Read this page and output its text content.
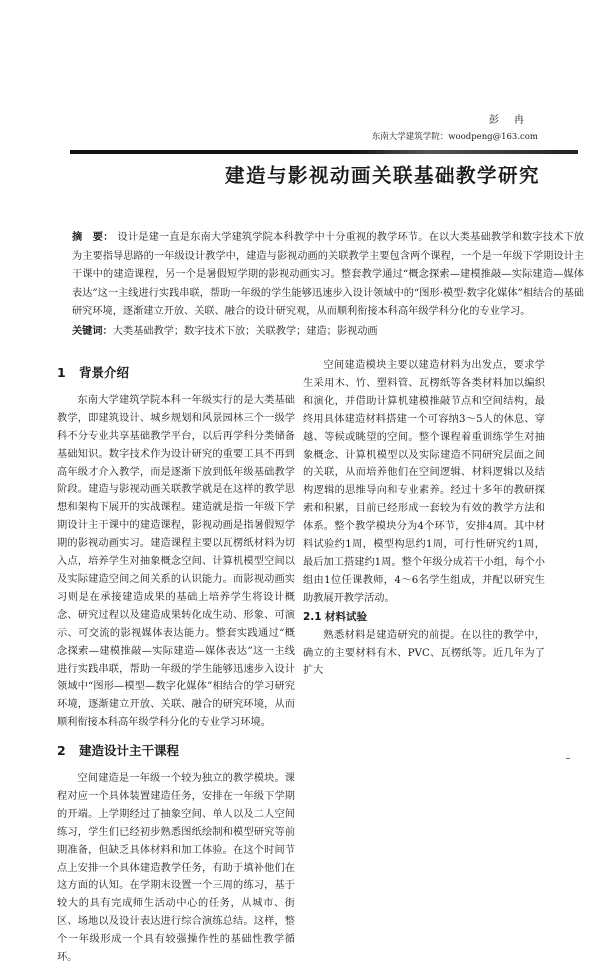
彭 冉
东南大学建筑学院：woodpeng@163.com
建造与影视动画关联基础教学研究
摘　要： 设计是建一直是东南大学建筑学院本科教学中十分重视的教学环节。在以大类基础教学和数字技术下放为主要指导思路的一年级设计教学中，建造与影视动画的关联教学主要包含两个课程，一个是一年级下学期设计主干课中的建造课程，另一个是暑假短学期的影视动画实习。整套教学通过“概念探索—建模推敲—实际建造—媒体表达”这一主线进行实践串联，帮助一年级的学生能够迅速步入设计领域中的“图形·模型·数字化媒体”相结合的基础研究环境，逐渐建立开放、关联、融合的设计研究观，从而顺利衔接本科高年级学科分化的专业学习。
关键词：大类基础教学；数字技术下放；关联教学；建造；影视动画
1 背景介绍

东南大学建筑学院本科一年级实行的是大类基础教学，即建筑设计、城乡规划和风景园林三个一级学科不分专业共享基础教学平台，以后再学科分类储备基础知识。数字技术作为设计研究的重要工具不再到高年级才介入教学，而是逐渐下放到低年级基础教学阶段。建造与影视动画关联教学就是在这样的教学思想和架构下展开的实战课程。建造就是指一年级下学期设计主干课中的建造课程，影视动画是指暑假短学期的影视动画实习。建造课程主要以瓦楞纸材料为切入点，培养学生对抽象概念空间、计算机模型空间以及实际建造空间之间关系的认识能力。而影视动画实习则是在承接建造成果的基础上培养学生将设计概念、研究过程以及建造成果转化成生动、形象、可演示、可交流的影视媒体表达能力。整套实践通过“概念探索—建模推敲—实际建造—媒体表达”这一主线进行实践串联，帮助一年级的学生能够迅速步入设计领域中“图形—模型—数字化媒体”相结合的学习研究环境，逐渐建立开放、关联、融合的研究环境，从而顺利衔接本科高年级学科分化的专业学习环境。

2 建造设计主干课程

空间建造是一年级一个较为独立的教学模块。课程对应一个具体装置建造任务，安排在一年级下学期的开端。上学期经过了抽象空间、单人以及二人空间练习，学生们已经初步熟悉图纸绘制和模型研究等前期准备，但缺乏具体材料和加工体验。在这个时间节点上安排一个具体建造教学任务，有助于填补他们在这方面的认知。在学期末设置一个三周的练习，基于较大的具有完成师生活动中心的任务，从城市、街区、场地以及设计表达进行综合演练总结。这样，整个一年级形成一个具有较强操作性的基础性教学循环。

空间建造模块主要以建造材料为出发点，要求学生采用木、竹、塑料管、瓦楞纸等各类材料加以编织和演化，并借助计算机建模推敲节点和空间结构，最终用具体建造材料搭建一个可容纳3～5人的休息、穿越、等候或眺望的空间。整个课程着重训练学生对抽象概念、计算机模型以及实际建造不同研究层面之间的关联，从而培养他们在空间逻辑、材料逻辑以及结构逻辑的思维导向和专业素养。经过十多年的教研探索和积累，目前已经形成一套较为有效的教学方法和体系。整个教学模块分为4个环节，安排4周。其中材料试验约1周，模型构思约1周，可行性研究约1周，最后加工搭建约1周。整个年级分成若干小组，每个小组由1位任课教师，4～6名学生组成，并配以研究生助教展开教学活动。

2.1 材料试验

熟悉材料是建造研究的前提。在以往的教学中，确立的主要材料有木、PVC、瓦楞纸等。近几年为了扩大
